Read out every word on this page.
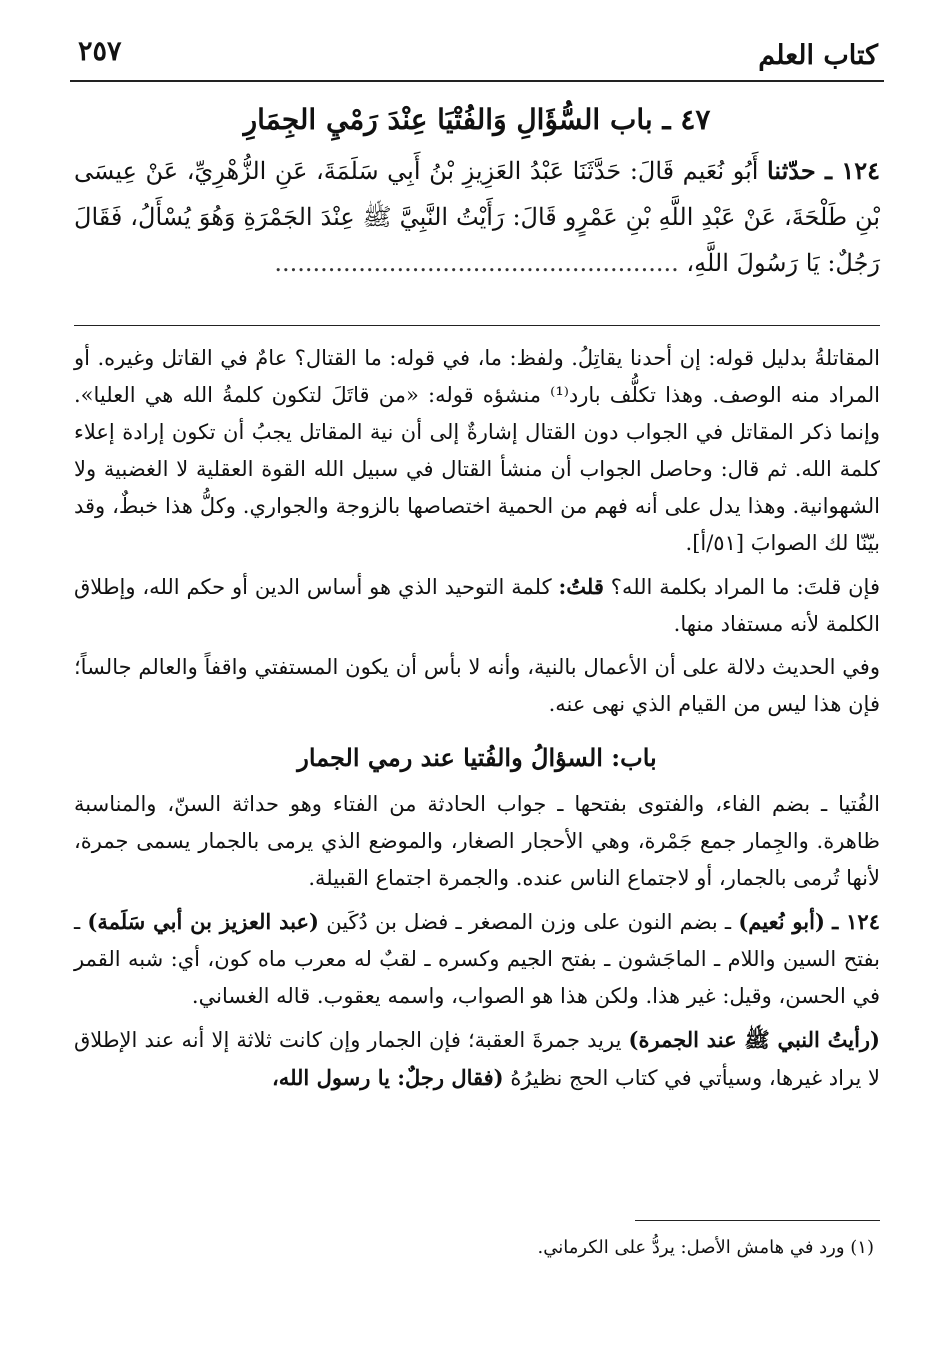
كتاب العلم
٢٥٧
٤٧ ـ باب السُّؤَالِ وَالفُتْيَا عِنْدَ رَمْيِ الجِمَارِ
١٢٤ ـ حدّثنا أَبُو نُعَيم قَالَ: حَدَّثَنَا عَبْدُ العَزِيزِ بْنُ أَبِي سَلَمَةَ، عَنِ الزُّهْرِيِّ، عَنْ عِيسَى بْنِ طَلْحَةَ، عَنْ عَبْدِ اللَّهِ بْنِ عَمْرٍو قَالَ: رَأَيْتُ النَّبِيَّ ﷺ عِنْدَ الجَمْرَةِ وَهُوَ يُسْأَلُ، فَقَالَ رَجُلٌ: يَا رَسُولَ اللَّهِ، .....................................................

المقاتلةُ بدليل قوله: إن أحدنا يقاتِلُ. ولفظ: ما، في قوله: ما القتال؟ عامٌ في القاتل وغيره. أو المراد منه الوصف. وهذا تكلُّف بارد⁽¹⁾ منشؤه قوله: «من قاتَلَ لتكون كلمةُ الله هي العليا». وإنما ذكر المقاتل في الجواب دون القتال إشارةٌ إلى أن نية المقاتل يجبُ أن تكون إرادة إعلاء كلمة الله. ثم قال: وحاصل الجواب أن منشأ القتال في سبيل الله القوة العقلية لا الغضبية ولا الشهوانية. وهذا يدل على أنه فهم من الحمية اختصاصها بالزوجة والجواري. وكلُّ هذا خبطٌ، وقد بيّنّا لك الصوابَ [٥١/أ].

فإن قلتَ: ما المراد بكلمة الله؟ قلتُ: كلمة التوحيد الذي هو أساس الدين أو حكم الله، وإطلاق الكلمة لأنه مستفاد منها.

وفي الحديث دلالة على أن الأعمال بالنية، وأنه لا بأس أن يكون المستفتي واقفاً والعالم جالساً؛ فإن هذا ليس من القيام الذي نهى عنه.

باب: السؤالُ والفُتيا عند رمي الجمار

الفُتيا ـ بضم الفاء، والفتوى بفتحها ـ جواب الحادثة من الفتاء وهو حداثة السنّ، والمناسبة ظاهرة. والجِمار جمع جَمْرة، وهي الأحجار الصغار، والموضع الذي يرمى بالجمار يسمى جمرة، لأنها تُرمى بالجمار، أو لاجتماع الناس عنده. والجمرة اجتماع القبيلة.

١٢٤ ـ (أبو نُعيم) ـ بضم النون على وزن المصغر ـ فضل بن دُكَين (عبد العزيز بن أبي سَلَمة) ـ بفتح السين واللام ـ الماجَشون ـ بفتح الجيم وكسره ـ لقبٌ له معرب ماه كون، أي: شبه القمر في الحسن، وقيل: غير هذا. ولكن هذا هو الصواب، واسمه يعقوب. قاله الغساني.

(رأيتُ النبي ﷺ عند الجمرة) يريد جمرةَ العقبة؛ فإن الجمار وإن كانت ثلاثة إلا أنه عند الإطلاق لا يراد غيرها، وسيأتي في كتاب الحج نظيرُهُ (فقال رجلٌ: يا رسول الله،

(١) ورد في هامش الأصل: يردُّ على الكرماني.
